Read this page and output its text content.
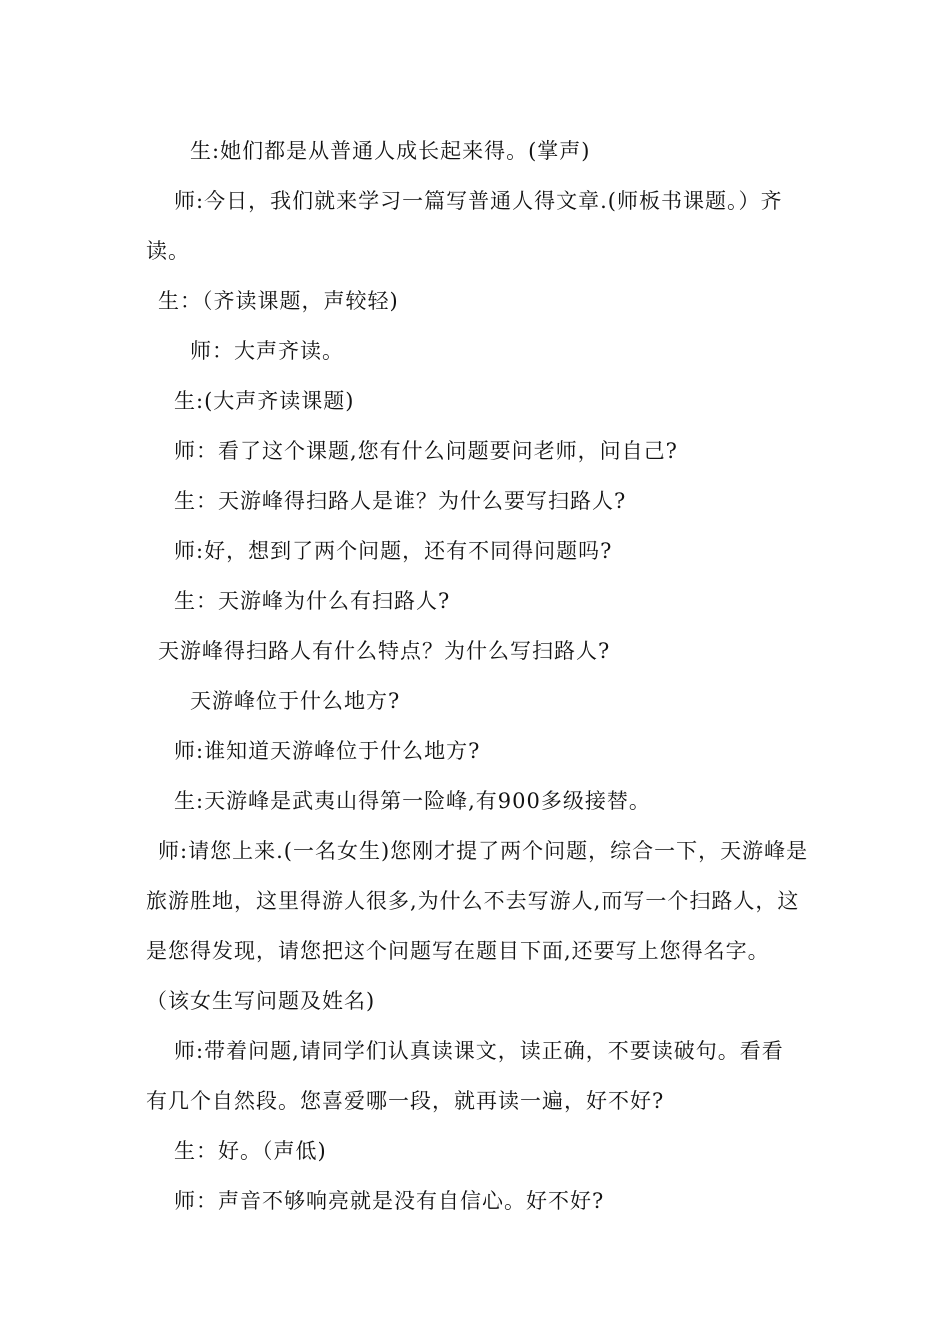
生:她们都是从普通人成长起来得。(掌声)
师:今日，我们就来学习一篇写普通人得文章.(师板书课题。）齐
读。
生：（齐读课题，声较轻)
师：大声齐读。
生:(大声齐读课题)
师：看了这个课题,您有什么问题要问老师，问自己?
生：天游峰得扫路人是谁？为什么要写扫路人?
师:好，想到了两个问题，还有不同得问题吗?
生：天游峰为什么有扫路人?
天游峰得扫路人有什么特点？为什么写扫路人?
天游峰位于什么地方?
师:谁知道天游峰位于什么地方?
生:天游峰是武夷山得第一险峰,有900多级接替。
师:请您上来.(一名女生)您刚才提了两个问题，综合一下，天游峰是
旅游胜地，这里得游人很多,为什么不去写游人,而写一个扫路人，这
是您得发现，请您把这个问题写在题目下面,还要写上您得名字。
（该女生写问题及姓名)
师:带着问题,请同学们认真读课文，读正确，不要读破句。看看
有几个自然段。您喜爱哪一段，就再读一遍，好不好?
生：好。（声低)
师：声音不够响亮就是没有自信心。好不好?
